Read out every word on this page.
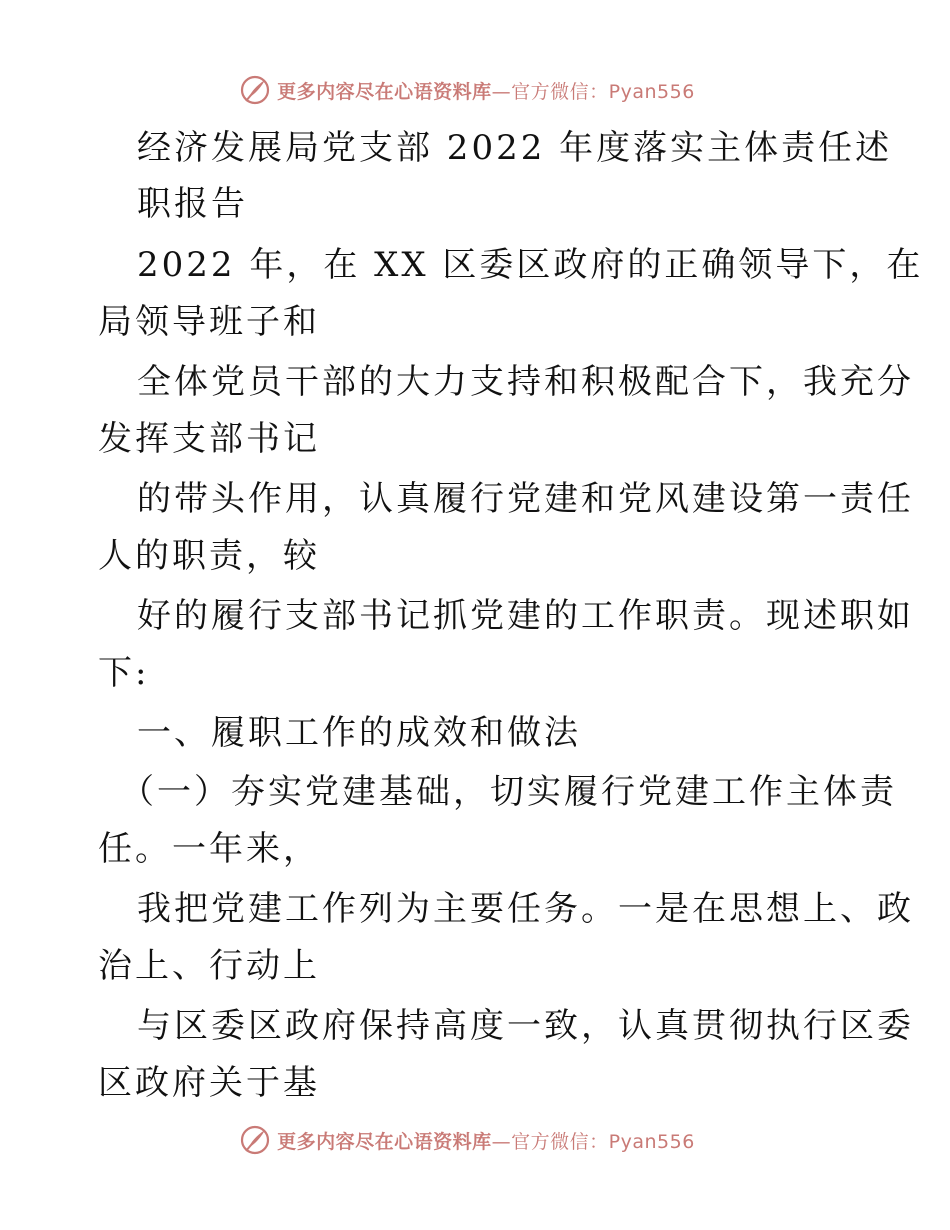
更多内容尽在心语资料库—官方微信：Pyan556
经济发展局党支部 2022 年度落实主体责任述
职报告
2022 年，在 XX 区委区政府的正确领导下，在
局领导班子和
全体党员干部的大力支持和积极配合下，我充分
发挥支部书记
的带头作用，认真履行党建和党风建设第一责任
人的职责，较
好的履行支部书记抓党建的工作职责。现述职如
下:
一、履职工作的成效和做法
（一）夯实党建基础，切实履行党建工作主体责
任。一年来，
我把党建工作列为主要任务。一是在思想上、政
治上、行动上
与区委区政府保持高度一致，认真贯彻执行区委
区政府关于基
更多内容尽在心语资料库—官方微信：Pyan556
